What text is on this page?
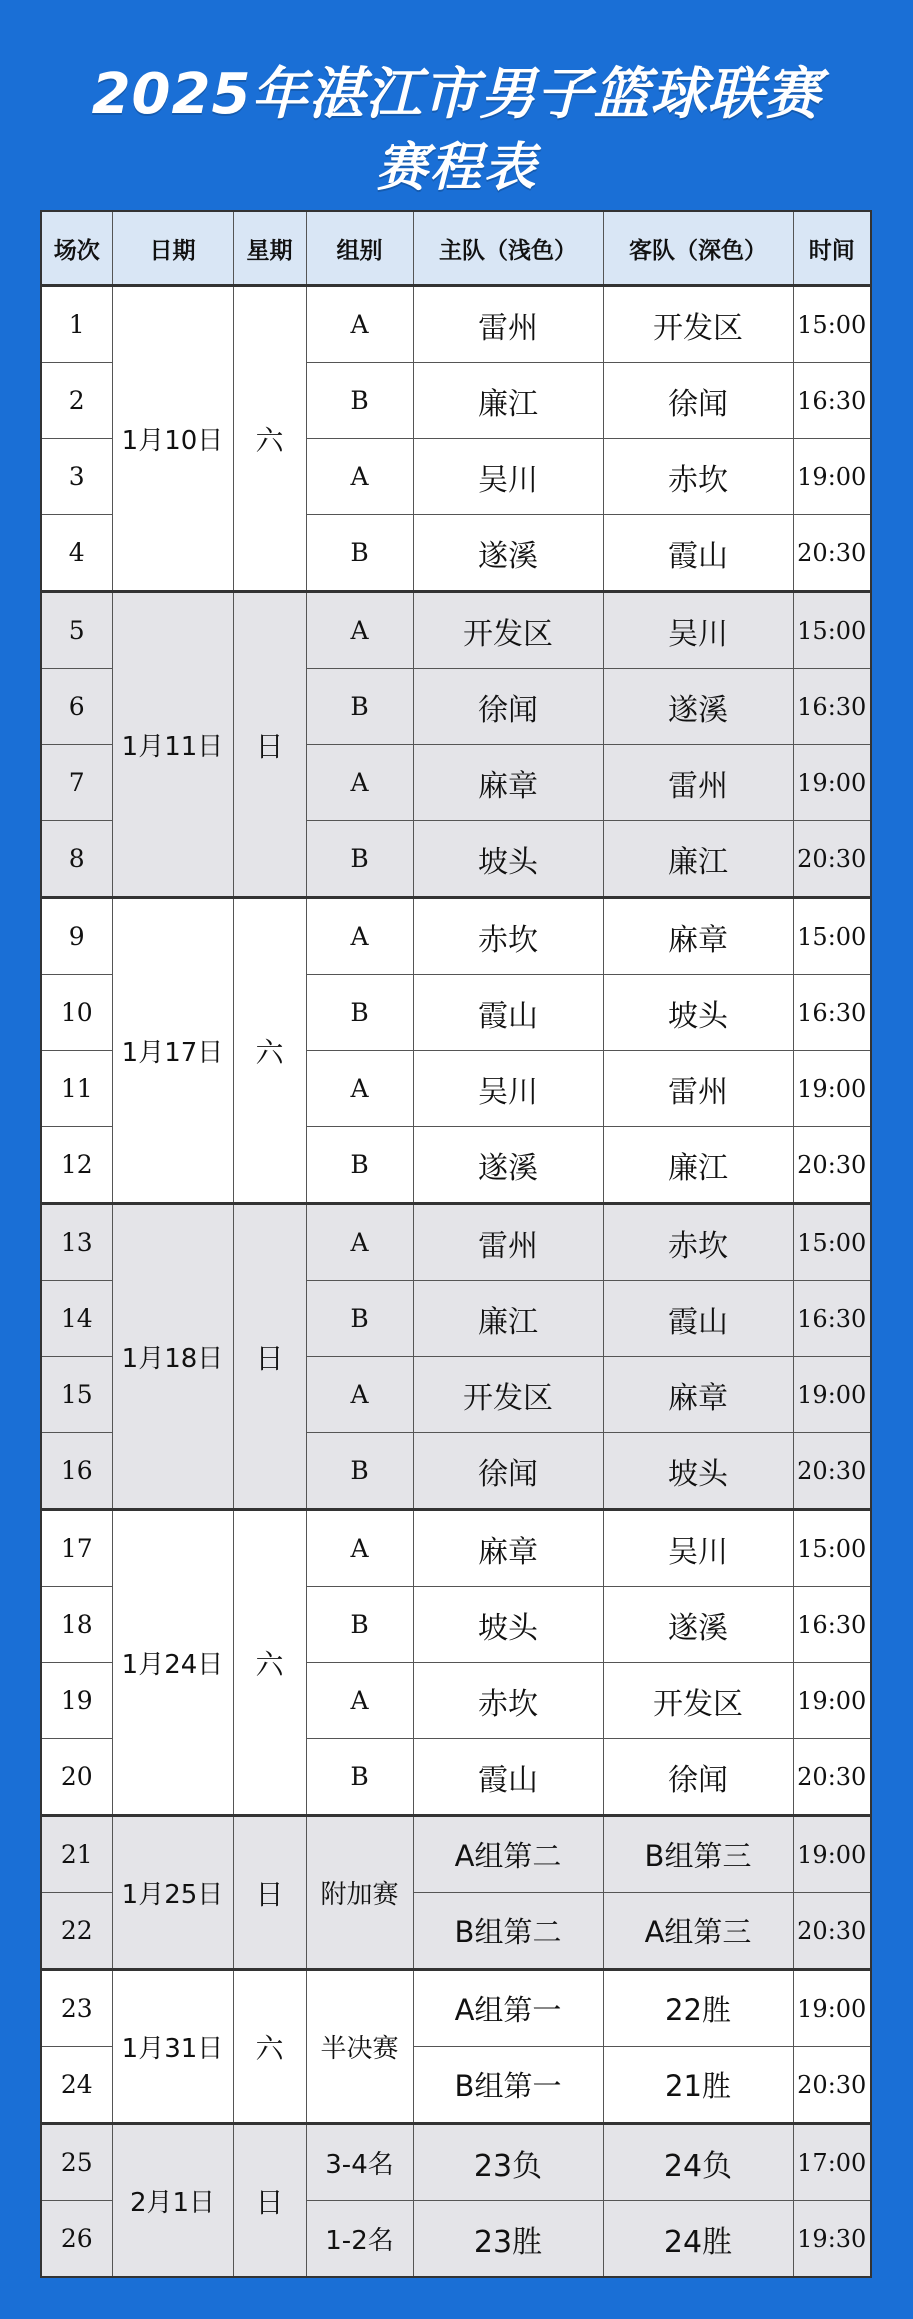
2025年湛江市男子篮球联赛
赛程表
场次	日期	星期	组别	主队（浅色）	客队（深色）	时间
1	1月10日	六	A	雷州	开发区	15:00
2			B	廉江	徐闻	16:30
3			A	吴川	赤坎	19:00
4			B	遂溪	霞山	20:30
5	1月11日	日	A	开发区	吴川	15:00
6			B	徐闻	遂溪	16:30
7			A	麻章	雷州	19:00
8			B	坡头	廉江	20:30
9	1月17日	六	A	赤坎	麻章	15:00
10			B	霞山	坡头	16:30
11			A	吴川	雷州	19:00
12			B	遂溪	廉江	20:30
13	1月18日	日	A	雷州	赤坎	15:00
14			B	廉江	霞山	16:30
15			A	开发区	麻章	19:00
16			B	徐闻	坡头	20:30
17	1月24日	六	A	麻章	吴川	15:00
18			B	坡头	遂溪	16:30
19			A	赤坎	开发区	19:00
20			B	霞山	徐闻	20:30
21	1月25日	日	附加赛	A组第二	B组第三	19:00
22				B组第二	A组第三	20:30
23	1月31日	六	半决赛	A组第一	22胜	19:00
24				B组第一	21胜	20:30
25	2月1日	日	3-4名	23负	24负	17:00
26			1-2名	23胜	24胜	19:30
